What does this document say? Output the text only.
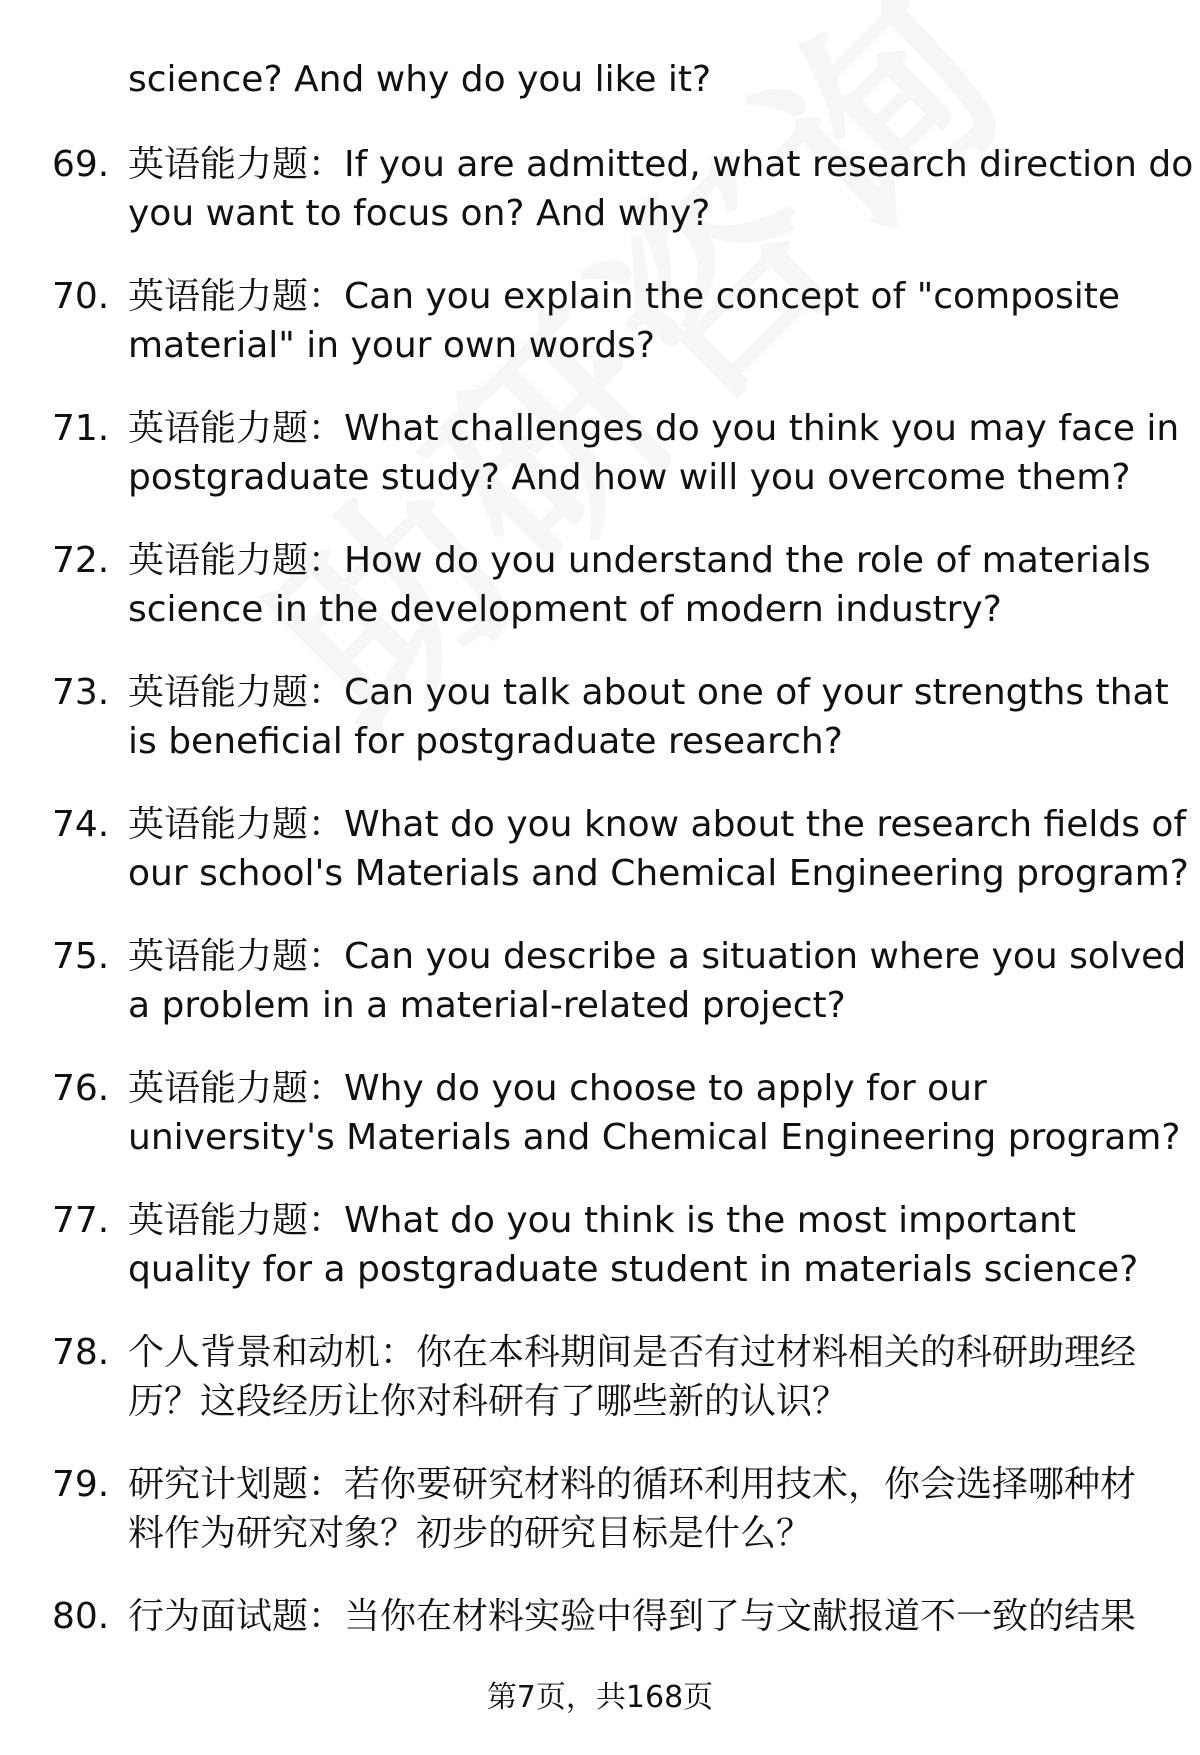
science? And why do you like it?
69. 英语能力题：If you are admitted, what research direction do
you want to focus on? And why?
70. 英语能力题：Can you explain the concept of "composite
material" in your own words?
71. 英语能力题：What challenges do you think you may face in
postgraduate study? And how will you overcome them?
72. 英语能力题：How do you understand the role of materials
science in the development of modern industry?
73. 英语能力题：Can you talk about one of your strengths that
is beneficial for postgraduate research?
74. 英语能力题：What do you know about the research fields of
our school's Materials and Chemical Engineering program?
75. 英语能力题：Can you describe a situation where you solved
a problem in a material-related project?
76. 英语能力题：Why do you choose to apply for our
university's Materials and Chemical Engineering program?
77. 英语能力题：What do you think is the most important
quality for a postgraduate student in materials science?
78. 个人背景和动机：你在本科期间是否有过材料相关的科研助理经
历？这段经历让你对科研有了哪些新的认识？
79. 研究计划题：若你要研究材料的循环利用技术，你会选择哪种材
料作为研究对象？初步的研究目标是什么？
80. 行为面试题：当你在材料实验中得到了与文献报道不一致的结果
第7页，共168页
